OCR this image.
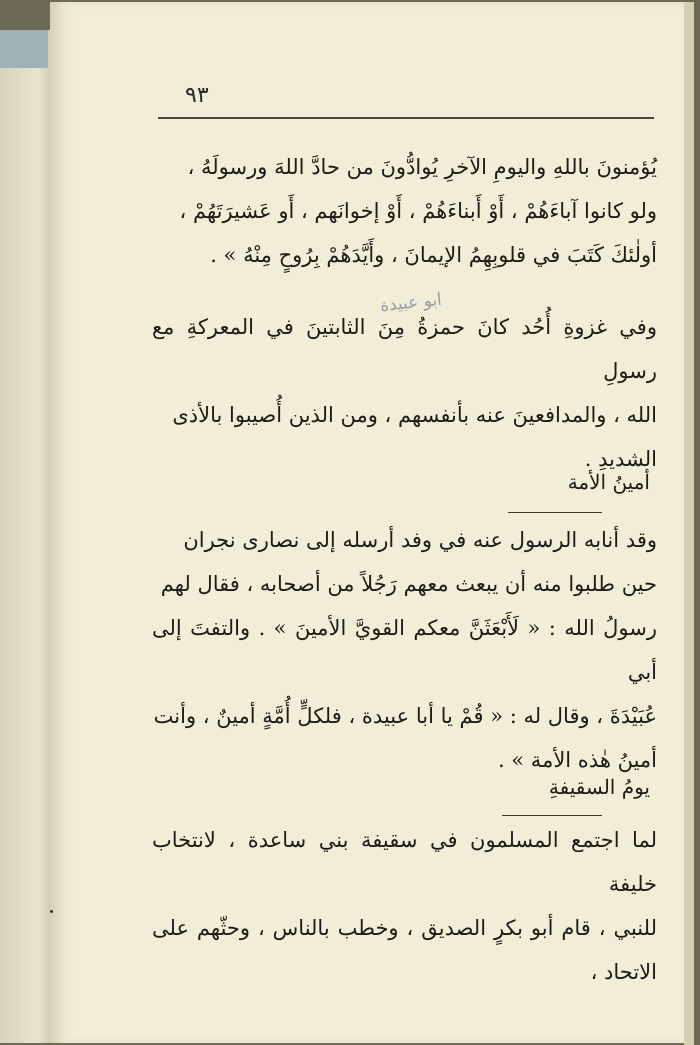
٩٣

يُؤمنونَ باللهِ واليومِ الآخرِ يُوادُّونَ من حادَّ اللهَ ورسولَهُ ،

ولو كانوا آباءَهُمْ ، أَوْ أَبناءَهُمْ ، أَوْ إخوانَهم ، أَو عَشيرَتَهُمْ ،

أولٰئكَ كَتَبَ في قلوبِهِمُ الإيمانَ ، وأَيَّدَهُمْ بِرُوحٍ مِنْهُ » .

ابو عبيدة

وفي غزوةِ أُحُد كانَ حمزةُ مِنَ الثابتينَ في المعركةِ مع رسولِ

الله ، والمدافعينَ عنه بأنفسهم ، ومن الذين أُصيبوا بالأذى

الشديدِ .

أمينُ الأمة

وقد أنابه الرسول عنه في وفد أرسله إلى نصارى نجران

حين طلبوا منه أن يبعث معهم رَجُلاً من أصحابه ، فقال لهم

رسولُ الله : « لَأَبْعَثَنَّ معكم القويَّ الأمينَ » . والتفتَ إلى أبي

عُبَيْدَةَ ، وقال له : « قُمْ يا أبا عبيدة ، فلكلٍّ أُمَّةٍ أمينٌ ، وأنت

أمينُ هٰذه الأمة » .

يومُ السقيفةِ

لما اجتمع المسلمون في سقيفة بني ساعدة ، لانتخاب خليفة

للنبي ، قام أبو بكرٍ الصديق ، وخطب بالناس ، وحثّهم على الاتحاد ،
